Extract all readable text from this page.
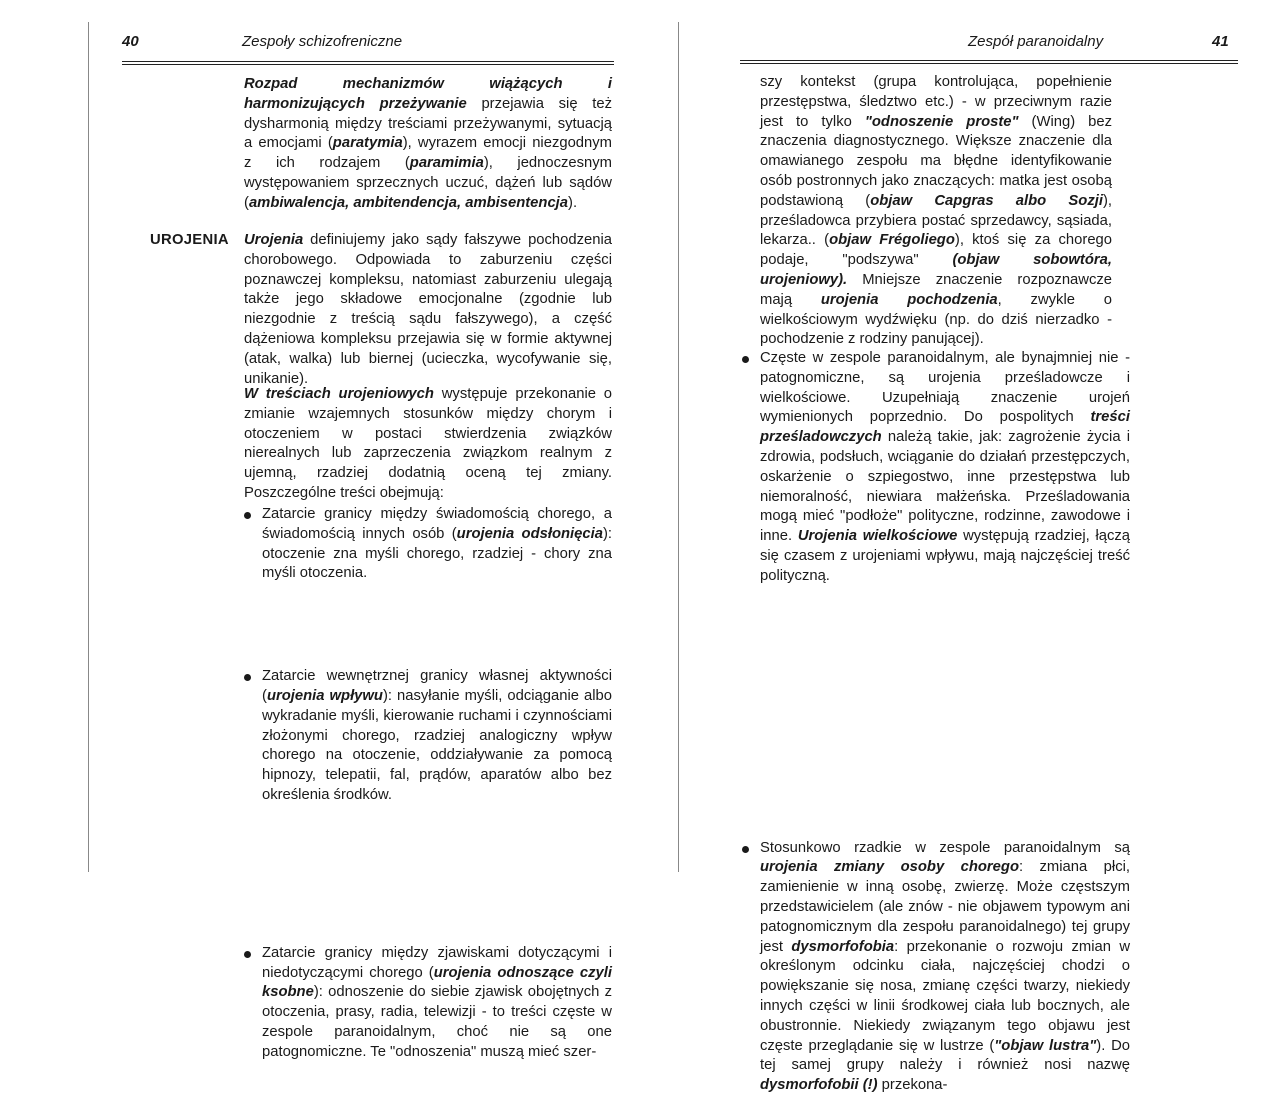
40	Zespoły schizofreniczne
UROJENIA

Rozpad mechanizmów wiążących i harmonizujących przeżywanie przejawia się też dysharmonią między treściami przeżywanymi, sytuacją a emocjami (paratymia), wyrazem emocji niezgodnym z ich rodzajem (paramimia), jednoczesnym występowaniem sprzecznych uczuć, dążeń lub sądów (ambiwalencja, ambitendencja, ambisentencja).

Urojenia definiujemy jako sądy fałszywe pochodzenia chorobowego. Odpowiada to zaburzeniu części poznawczej kompleksu, natomiast zaburzeniu ulegają także jego składowe emocjonalne (zgodnie lub niezgodnie z treścią sądu fałszywego), a część dążeniowa kompleksu przejawia się w formie aktywnej (atak, walka) lub biernej (ucieczka, wycofywanie się, unikanie).

W treściach urojeniowych występuje przekonanie o zmianie wzajemnych stosunków między chorym i otoczeniem w postaci stwierdzenia związków nierealnych lub zaprzeczenia związkom realnym z ujemną, rzadziej dodatnią oceną tej zmiany. Poszczególne treści obejmują:

Zatarcie granicy między świadomością chorego, a świadomością innych osób (urojenia odsłonięcia): otoczenie zna myśli chorego, rzadziej - chory zna myśli otoczenia.

Zatarcie wewnętrznej granicy własnej aktywności (urojenia wpływu): nasyłanie myśli, odciąganie albo wykradanie myśli, kierowanie ruchami i czynnościami złożonymi chorego, rzadziej analogiczny wpływ chorego na otoczenie, oddziaływanie za pomocą hipnozy, telepatii, fal, prądów, aparatów albo bez określenia środków.

Zatarcie granicy między zjawiskami dotyczącymi i niedotyczącymi chorego (urojenia odnoszące czyli ksobne): odnoszenie do siebie zjawisk obojętnych z otoczenia, prasy, radia, telewizji - to treści częste w zespole paranoidalnym, choć nie są one patognomiczne. Te "odnoszenia" muszą mieć szer-

Zespół paranoidalny	41

szy kontekst (grupa kontrolująca, popełnienie przestępstwa, śledztwo etc.) - w przeciwnym razie jest to tylko "odnoszenie proste" (Wing) bez znaczenia diagnostycznego. Większe znaczenie dla omawianego zespołu ma błędne identyfikowanie osób postronnych jako znaczących: matka jest osobą podstawioną (objaw Capgras albo Sozji), prześladowca przybiera postać sprzedawcy, sąsiada, lekarza.. (objaw Frégoliego), ktoś się za chorego podaje, "podszywa" (objaw sobowtóra, urojeniowy). Mniejsze znaczenie rozpoznawcze mają urojenia pochodzenia, zwykle o wielkościowym wydźwięku (np. do dziś nierzadko - pochodzenie z rodziny panującej).

Częste w zespole paranoidalnym, ale bynajmniej nie - patognomiczne, są urojenia prześladowcze i wielkościowe. Uzupełniają znaczenie urojeń wymienionych poprzednio. Do pospolitych treści prześladowczych należą takie, jak: zagrożenie życia i zdrowia, podsłuch, wciąganie do działań przestępczych, oskarżenie o szpiegostwo, inne przestępstwa lub niemoralność, niewiara małżeńska. Prześladowania mogą mieć "podłoże" polityczne, rodzinne, zawodowe i inne. Urojenia wielkościowe występują rzadziej, łączą się czasem z urojeniami wpływu, mają najczęściej treść polityczną.

Stosunkowo rzadkie w zespole paranoidalnym są urojenia zmiany osoby chorego: zmiana płci, zamienienie w inną osobę, zwierzę. Może częstszym przedstawicielem (ale znów - nie objawem typowym ani patognomicznym dla zespołu paranoidalnego) tej grupy jest dysmorfofobia: przekonanie o rozwoju zmian w określonym odcinku ciała, najczęściej chodzi o powiększanie się nosa, zmianę części twarzy, niekiedy innych części w linii środkowej ciała lub bocznych, ale obustronnie. Niekiedy związanym tego objawu jest częste przeglądanie się w lustrze ("objaw lustra"). Do tej samej grupy należy i również nosi nazwę dysmorfofobii (!) przekona-
